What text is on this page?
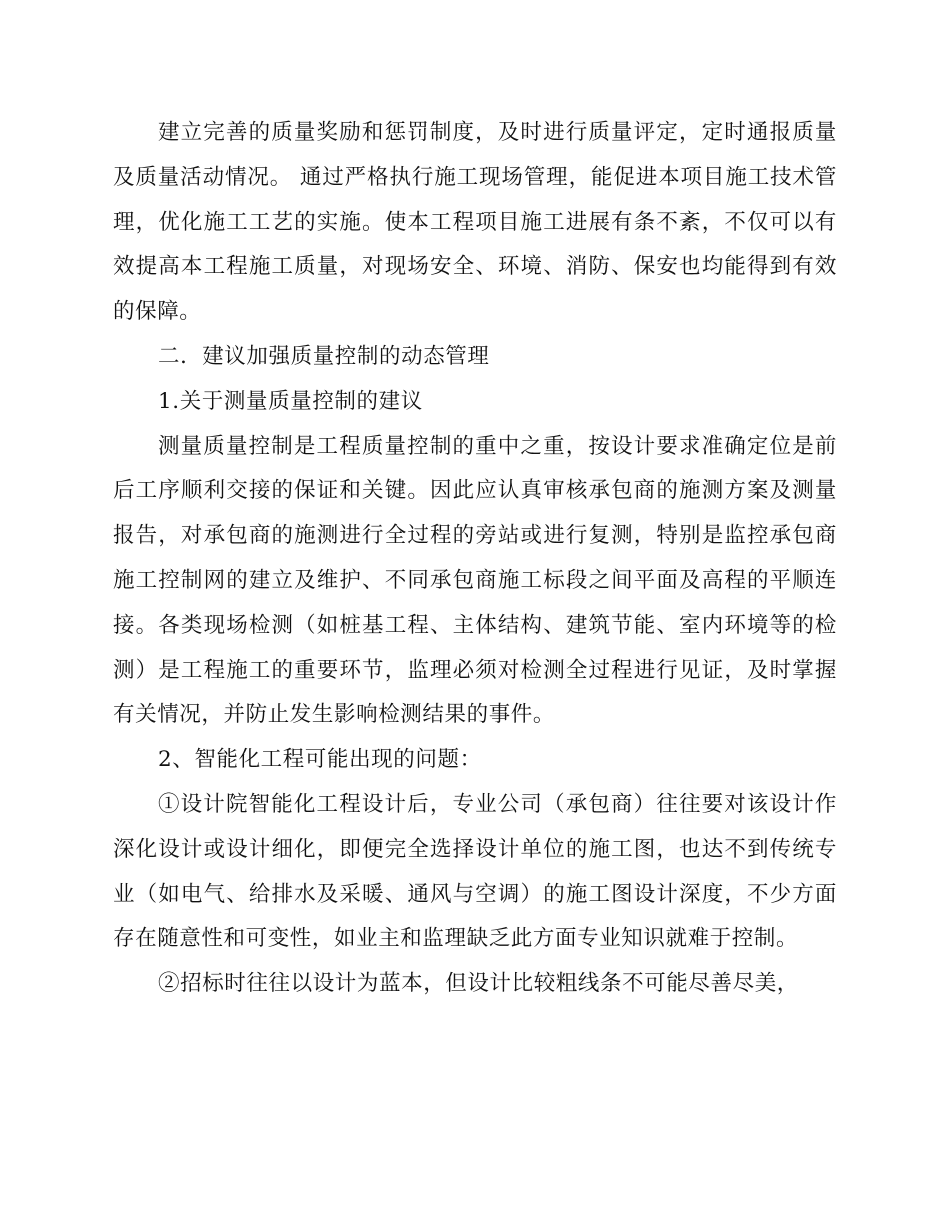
建立完善的质量奖励和惩罚制度，及时进行质量评定，定时通报质量及质量活动情况。 通过严格执行施工现场管理，能促进本项目施工技术管理，优化施工工艺的实施。使本工程项目施工进展有条不紊，不仅可以有效提高本工程施工质量，对现场安全、环境、消防、保安也均能得到有效的保障。

二．建议加强质量控制的动态管理

1.关于测量质量控制的建议

测量质量控制是工程质量控制的重中之重，按设计要求准确定位是前后工序顺利交接的保证和关键。因此应认真审核承包商的施测方案及测量报告，对承包商的施测进行全过程的旁站或进行复测，特别是监控承包商施工控制网的建立及维护、不同承包商施工标段之间平面及高程的平顺连接。各类现场检测（如桩基工程、主体结构、建筑节能、室内环境等的检测）是工程施工的重要环节，监理必须对检测全过程进行见证，及时掌握有关情况，并防止发生影响检测结果的事件。

2、智能化工程可能出现的问题：

①设计院智能化工程设计后，专业公司（承包商）往往要对该设计作深化设计或设计细化，即便完全选择设计单位的施工图，也达不到传统专业（如电气、给排水及采暖、通风与空调）的施工图设计深度，不少方面存在随意性和可变性，如业主和监理缺乏此方面专业知识就难于控制。

②招标时往往以设计为蓝本，但设计比较粗线条不可能尽善尽美，
